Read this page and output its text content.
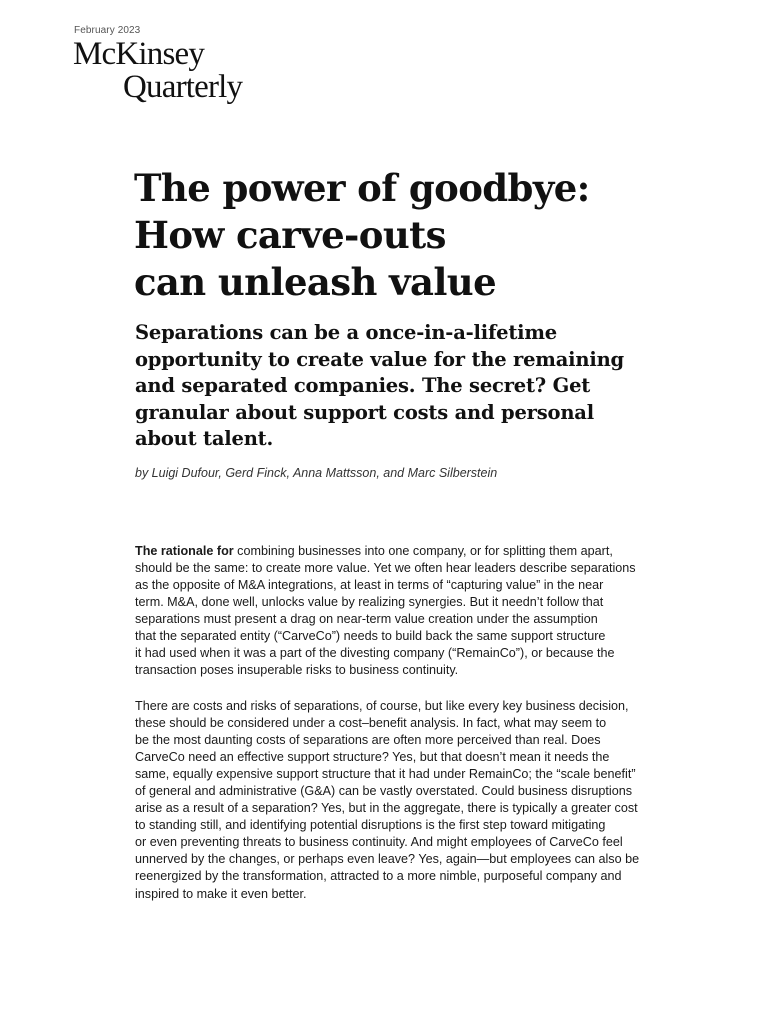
February 2023
McKinsey
Quarterly
The power of goodbye:
How carve-outs
can unleash value
Separations can be a once-in-a-lifetime
opportunity to create value for the remaining
and separated companies. The secret? Get
granular about support costs and personal
about talent.
by Luigi Dufour, Gerd Finck, Anna Mattsson, and Marc Silberstein
The rationale for combining businesses into one company, or for splitting them apart,
should be the same: to create more value. Yet we often hear leaders describe separations
as the opposite of M&A integrations, at least in terms of “capturing value” in the near
term. M&A, done well, unlocks value by realizing synergies. But it needn’t follow that
separations must present a drag on near-term value creation under the assumption
that the separated entity (“CarveCo”) needs to build back the same support structure
it had used when it was a part of the divesting company (“RemainCo”), or because the
transaction poses insuperable risks to business continuity.
There are costs and risks of separations, of course, but like every key business decision,
these should be considered under a cost–benefit analysis. In fact, what may seem to
be the most daunting costs of separations are often more perceived than real. Does
CarveCo need an effective support structure? Yes, but that doesn’t mean it needs the
same, equally expensive support structure that it had under RemainCo; the “scale benefit”
of general and administrative (G&A) can be vastly overstated. Could business disruptions
arise as a result of a separation? Yes, but in the aggregate, there is typically a greater cost
to standing still, and identifying potential disruptions is the first step toward mitigating
or even preventing threats to business continuity. And might employees of CarveCo feel
unnerved by the changes, or perhaps even leave? Yes, again—but employees can also be
reenergized by the transformation, attracted to a more nimble, purposeful company and
inspired to make it even better.
